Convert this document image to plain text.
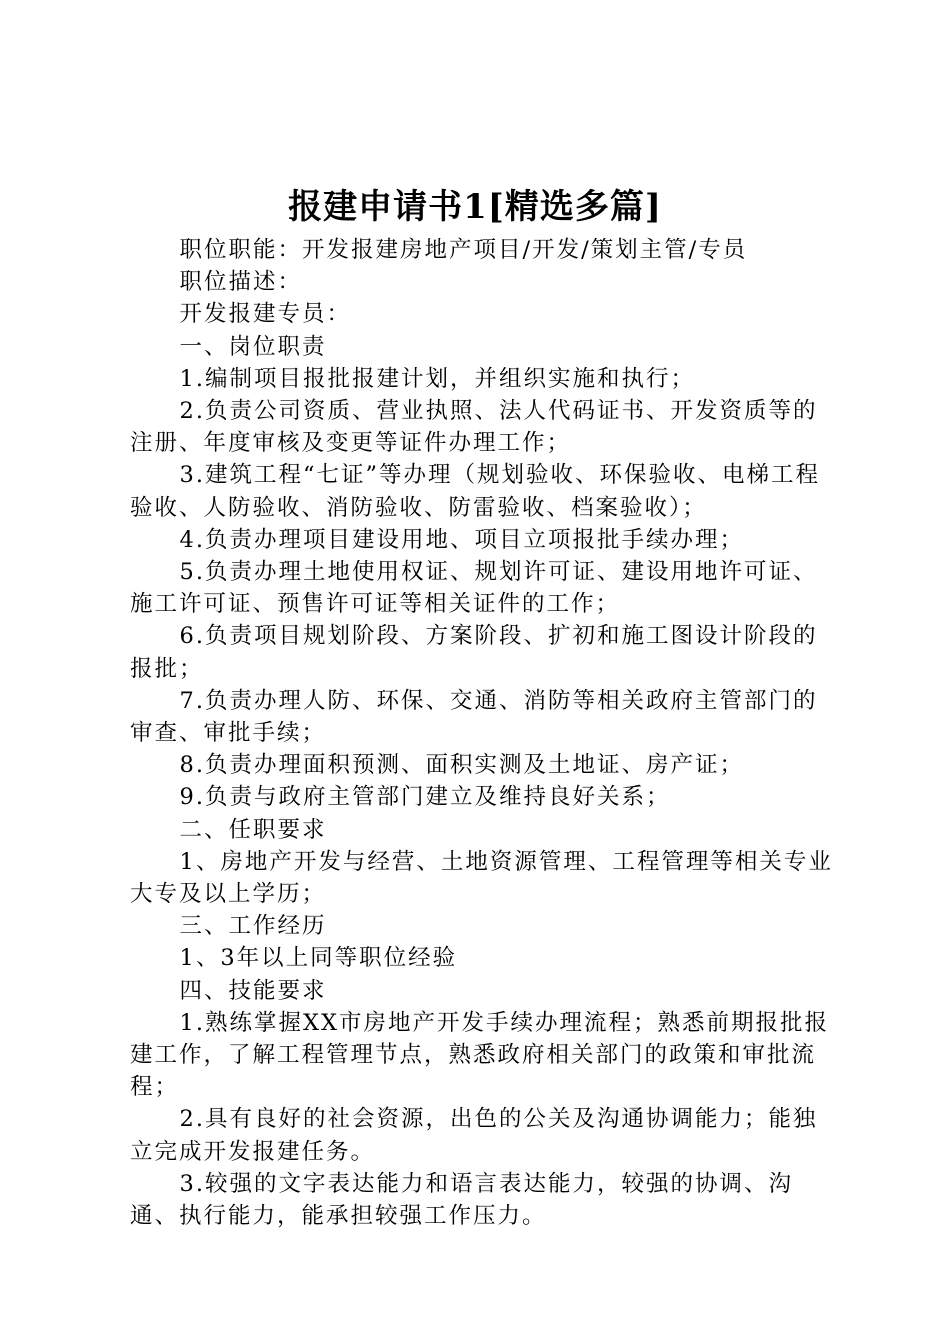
报建申请书1[精选多篇]

职位职能：开发报建房地产项目/开发/策划主管/专员

职位描述：

开发报建专员：

一、岗位职责

1.编制项目报批报建计划，并组织实施和执行；

2.负责公司资质、营业执照、法人代码证书、开发资质等的注册、年度审核及变更等证件办理工作；

3.建筑工程“七证”等办理（规划验收、环保验收、电梯工程验收、人防验收、消防验收、防雷验收、档案验收）；

4.负责办理项目建设用地、项目立项报批手续办理；

5.负责办理土地使用权证、规划许可证、建设用地许可证、施工许可证、预售许可证等相关证件的工作；

6.负责项目规划阶段、方案阶段、扩初和施工图设计阶段的报批；

7.负责办理人防、环保、交通、消防等相关政府主管部门的审查、审批手续；

8.负责办理面积预测、面积实测及土地证、房产证；

9.负责与政府主管部门建立及维持良好关系；

二、任职要求

1、房地产开发与经营、土地资源管理、工程管理等相关专业大专及以上学历；

三、工作经历

1、3年以上同等职位经验

四、技能要求

1.熟练掌握XX市房地产开发手续办理流程；熟悉前期报批报建工作，了解工程管理节点，熟悉政府相关部门的政策和审批流程；

2.具有良好的社会资源，出色的公关及沟通协调能力；能独立完成开发报建任务。

3.较强的文字表达能力和语言表达能力，较强的协调、沟通、执行能力，能承担较强工作压力。
